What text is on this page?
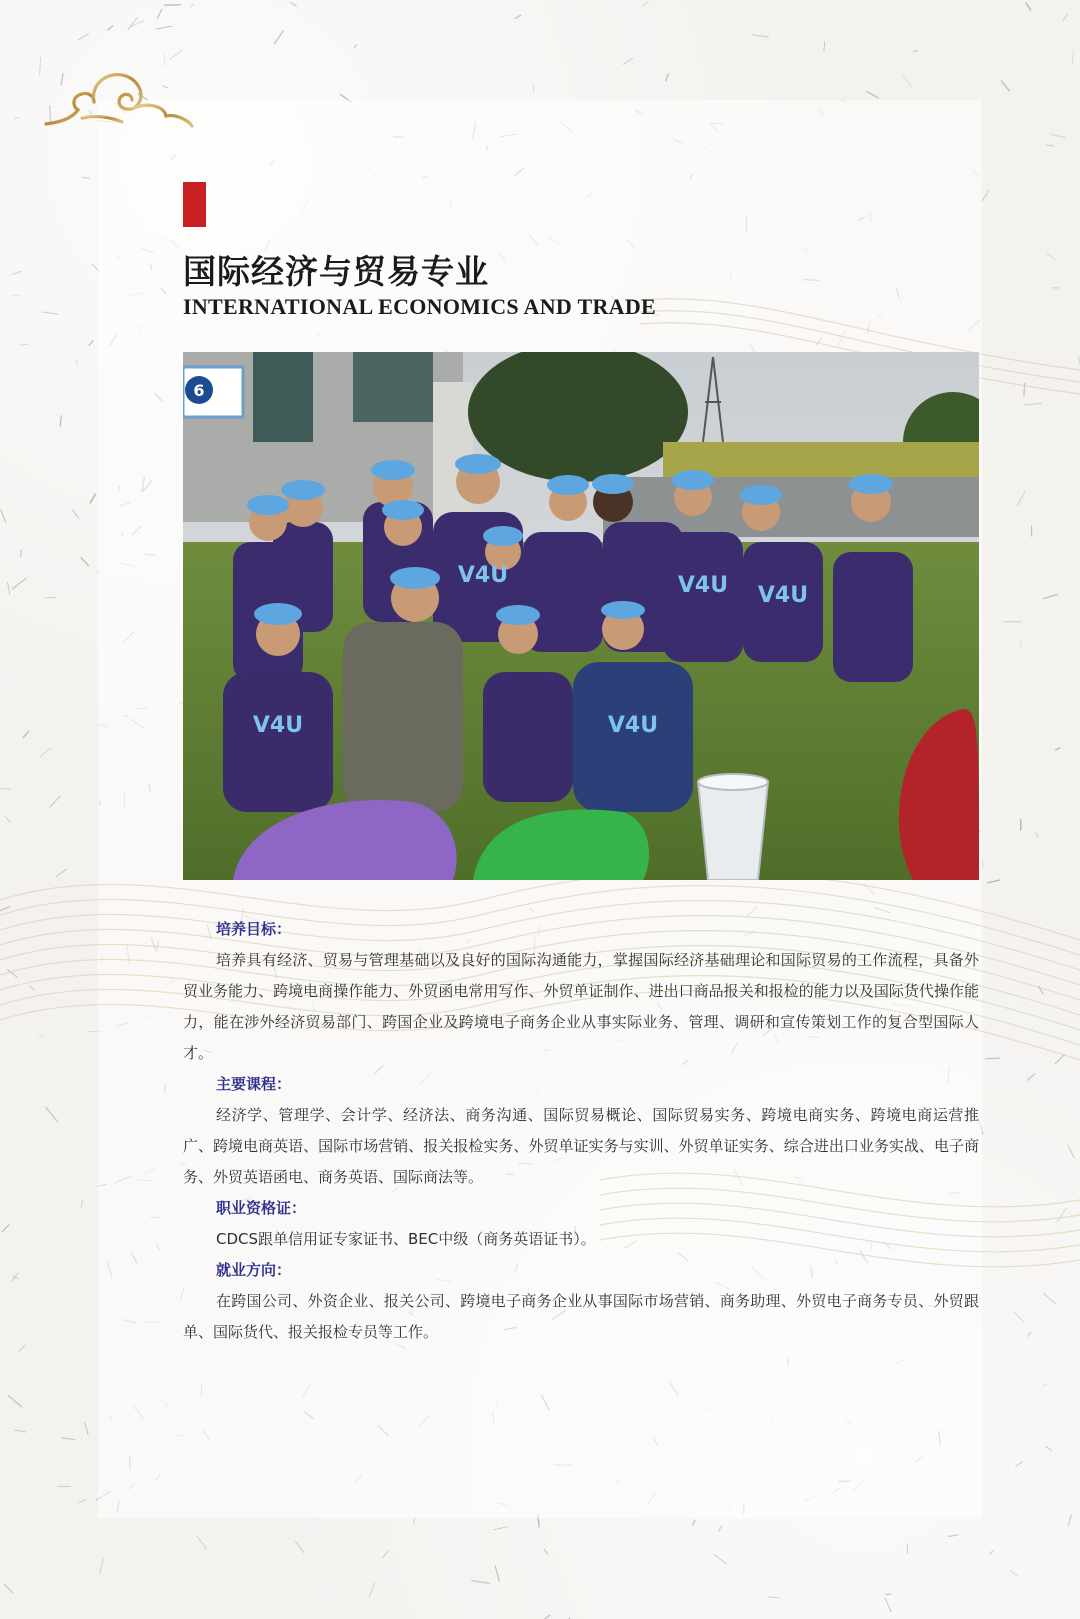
国际经济与贸易专业
INTERNATIONAL ECONOMICS AND TRADE
6
V4U
V4U	V4U V4U
V4U

培养目标：

培养具有经济、贸易与管理基础以及良好的国际沟通能力，掌握国际经济基础理论和国际贸易的工作流程，具备外贸业务能力、跨境电商操作能力、外贸函电常用写作、外贸单证制作、进出口商品报关和报检的能力以及国际货代操作能力，能在涉外经济贸易部门、跨国企业及跨境电子商务企业从事实际业务、管理、调研和宣传策划工作的复合型国际人才。

主要课程：

经济学、管理学、会计学、经济法、商务沟通、国际贸易概论、国际贸易实务、跨境电商实务、跨境电商运营推广、跨境电商英语、国际市场营销、报关报检实务、外贸单证实务与实训、外贸单证实务、综合进出口业务实战、电子商务、外贸英语函电、商务英语、国际商法等。

职业资格证：

CDCS跟单信用证专家证书、BEC中级（商务英语证书）。

就业方向：

在跨国公司、外资企业、报关公司、跨境电子商务企业从事国际市场营销、商务助理、外贸电子商务专员、外贸跟单、国际货代、报关报检专员等工作。
